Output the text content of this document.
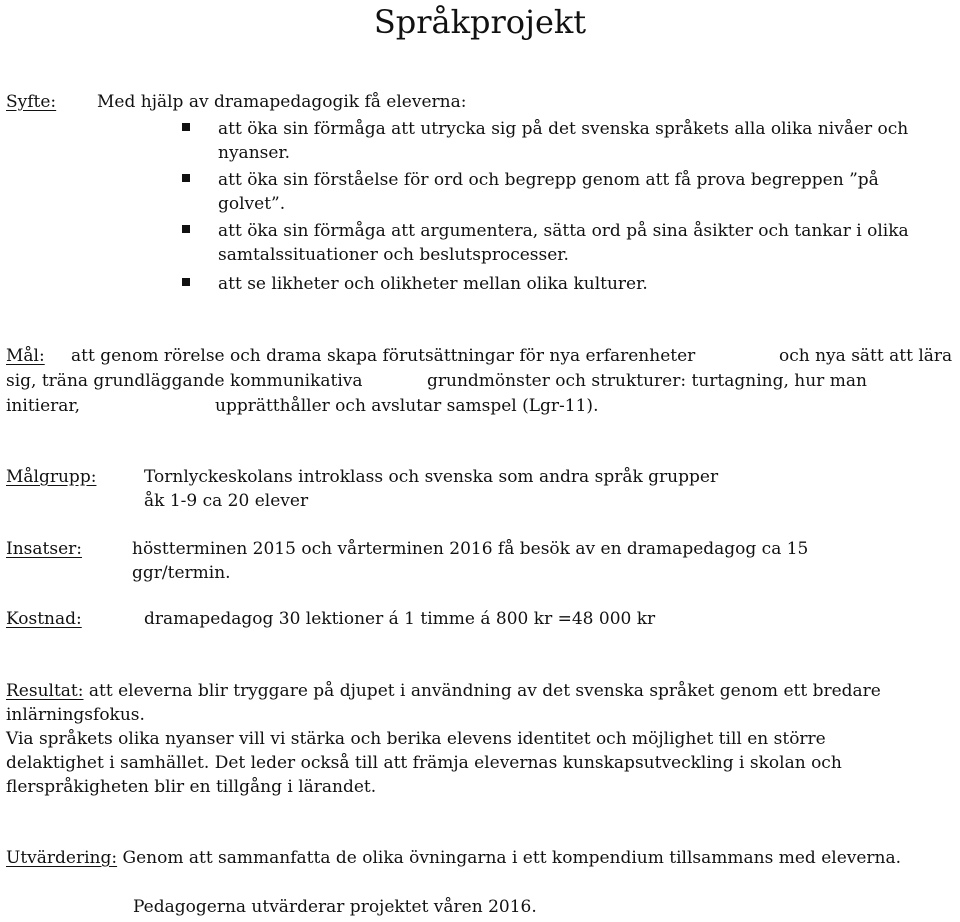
Språkprojekt
Syfte: Med hjälp av dramapedagogik få eleverna:
att öka sin förmåga att utrycka sig på det svenska språkets alla olika nivåer och
nyanser.
att öka sin förståelse för ord och begrepp genom att få prova begreppen ”på
golvet”.
att öka sin förmåga att argumentera, sätta ord på sina åsikter och tankar i olika
samtalssituationer och beslutsprocesser.
att se likheter och olikheter mellan olika kulturer.
Mål: att genom rörelse och drama skapa förutsättningar för nya erfarenheter	och nya sätt att lära
sig, träna grundläggande kommunikativa	grundmönster och strukturer: turtagning, hur man
initierar,	upprätthåller och avslutar samspel (Lgr-11).
Målgrupp:	Tornlyckeskolans introklass och svenska som andra språk grupper
åk 1-9 ca 20 elever
Insatser:	höstterminen 2015 och vårterminen 2016 få besök av en dramapedagog ca 15
ggr/termin.
Kostnad:	dramapedagog 30 lektioner á 1 timme á 800 kr =48 000 kr
Resultat: att eleverna blir tryggare på djupet i användning av det svenska språket genom ett bredare
inlärningsfokus.
Via språkets olika nyanser vill vi stärka och berika elevens identitet och möjlighet till en större
delaktighet i samhället. Det leder också till att främja elevernas kunskapsutveckling i skolan och
flerspråkigheten blir en tillgång i lärandet.
Utvärdering: Genom att sammanfatta de olika övningarna i ett kompendium tillsammans med eleverna.
Pedagogerna utvärderar projektet våren 2016.
